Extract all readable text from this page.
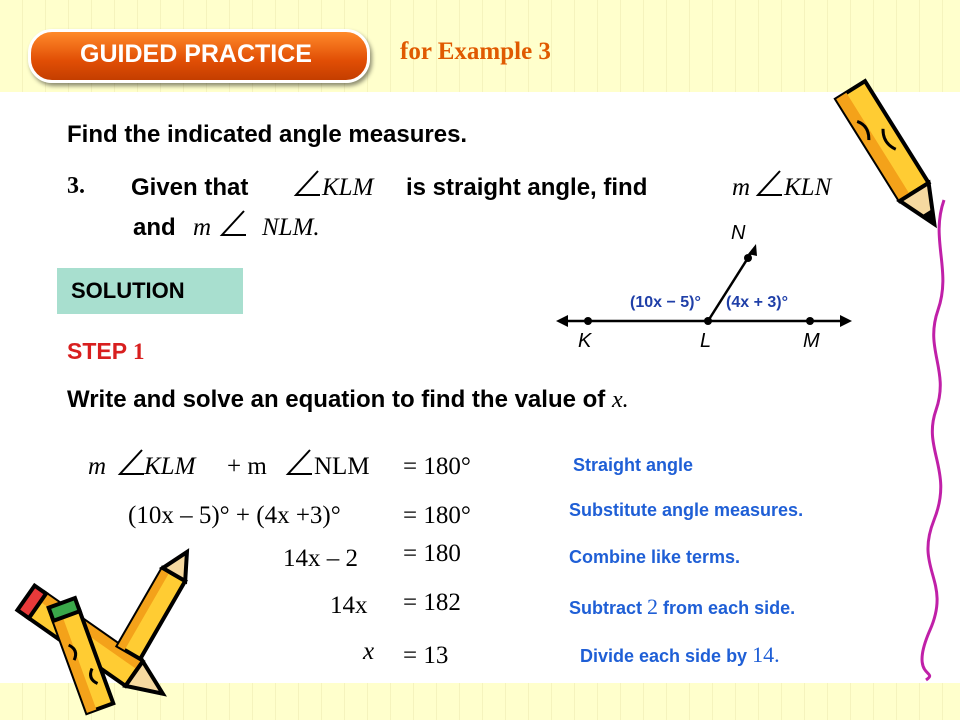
GUIDED PRACTICE	for Example 3
Find the indicated angle measures.
3. Given that	KLM is straight angle, find	m KLN
and m NLM.	N
K	L	M
(10x − 5)° (4x + 3)°
SOLUTION
STEP 1
Write and solve an equation to find the value of x.
m KLM + m NLM = 180°	Straight angle
(10x – 5)° + (4x +3)° = 180°	Substitute angle measures.
14x – 2 = 180	Combine like terms.
14x = 182	Subtract 2 from each side.
x = 13	Divide each side by 14.
